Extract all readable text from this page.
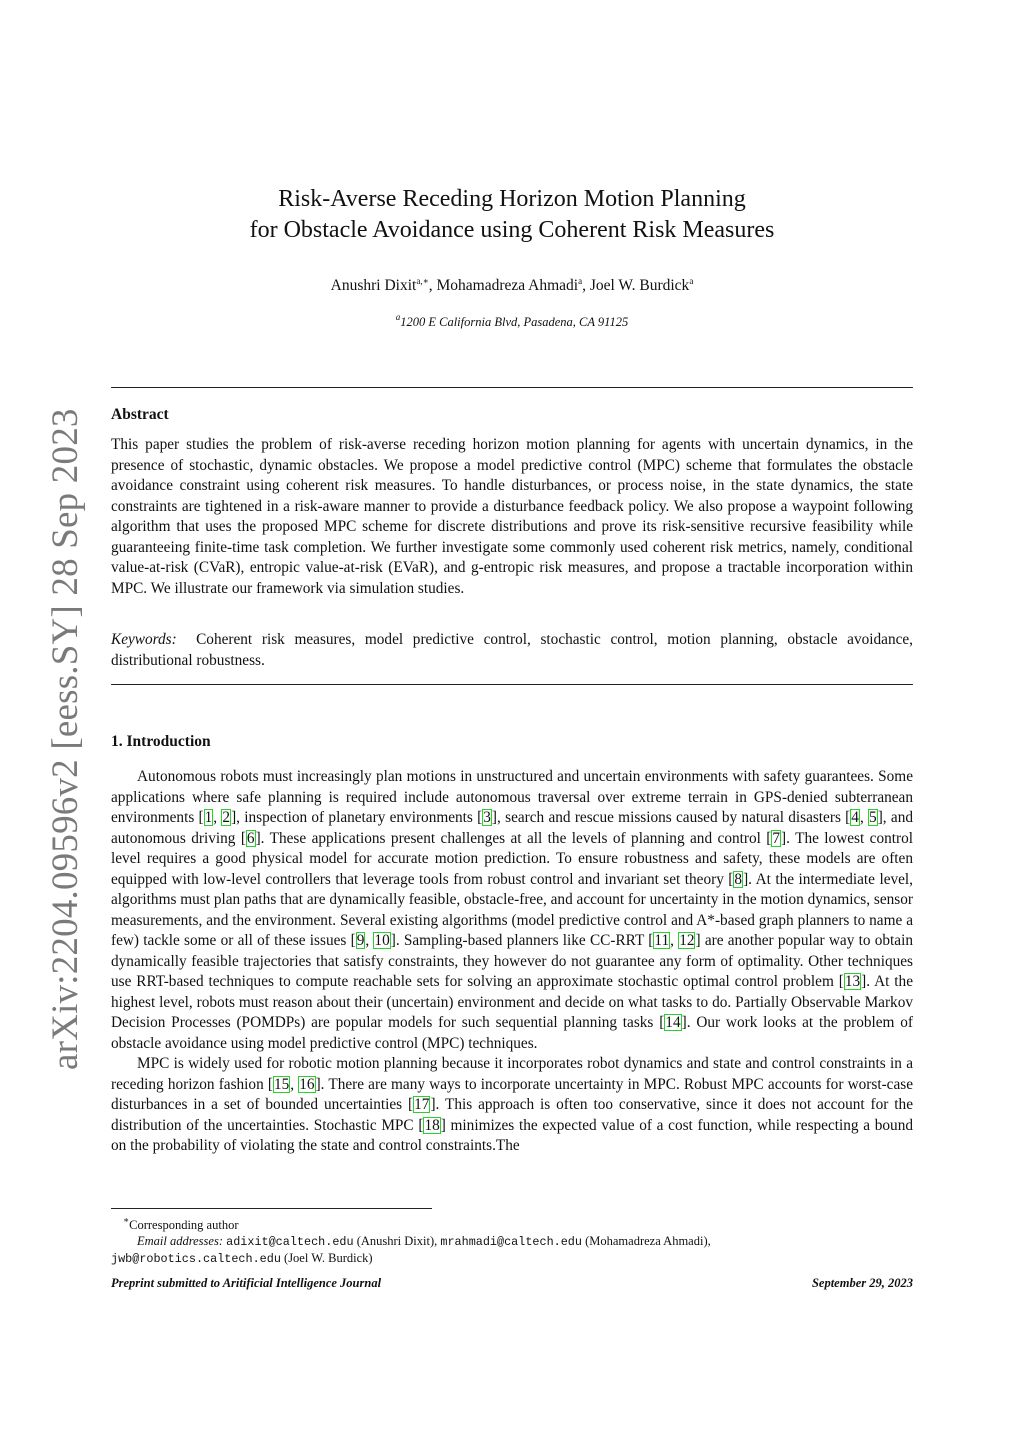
arXiv:2204.09596v2 [eess.SY] 28 Sep 2023
Risk-Averse Receding Horizon Motion Planning
for Obstacle Avoidance using Coherent Risk Measures
Anushri Dixit$^{a,∗}$, Mohamadreza Ahmadi$^a$, Joel W. Burdick$^a$
$^a$1200 E California Blvd, Pasadena, CA 91125
Abstract

This paper studies the problem of risk-averse receding horizon motion planning for agents with uncertain dynamics, in the presence of stochastic, dynamic obstacles. We propose a model predictive control (MPC) scheme that formulates the obstacle avoidance constraint using coherent risk measures. To handle disturbances, or process noise, in the state dynamics, the state constraints are tightened in a risk-aware manner to provide a disturbance feedback policy. We also propose a waypoint following algorithm that uses the proposed MPC scheme for discrete distributions and prove its risk-sensitive recursive feasibility while guaranteeing finite-time task completion. We further investigate some commonly used coherent risk metrics, namely, conditional value-at-risk (CVaR), entropic value-at-risk (EVaR), and g-entropic risk measures, and propose a tractable incorporation within MPC. We illustrate our framework via simulation studies.

Keywords: Coherent risk measures, model predictive control, stochastic control, motion planning, obstacle avoidance, distributional robustness.

1. Introduction

Autonomous robots must increasingly plan motions in unstructured and uncertain environments with safety guarantees. Some applications where safe planning is required include autonomous traversal over extreme terrain in GPS-denied subterranean environments [1, 2], inspection of planetary environments [3], search and rescue missions caused by natural disasters [4, 5], and autonomous driving [6]. These applications present challenges at all the levels of planning and control [7]. The lowest control level requires a good physical model for accurate motion prediction. To ensure robustness and safety, these models are often equipped with low-level controllers that leverage tools from robust control and invariant set theory [8]. At the intermediate level, algorithms must plan paths that are dynamically feasible, obstacle-free, and account for uncertainty in the motion dynamics, sensor measurements, and the environment. Several existing algorithms (model predictive control and A*-based graph planners to name a few) tackle some or all of these issues [9, 10]. Sampling-based planners like CC-RRT [11, 12] are another popular way to obtain dynamically feasible trajectories that satisfy constraints, they however do not guarantee any form of optimality. Other techniques use RRT-based techniques to compute reachable sets for solving an approximate stochastic optimal control problem [13]. At the highest level, robots must reason about their (uncertain) environment and decide on what tasks to do. Partially Observable Markov Decision Processes (POMDPs) are popular models for such sequential planning tasks [14]. Our work looks at the problem of obstacle avoidance using model predictive control (MPC) techniques.

MPC is widely used for robotic motion planning because it incorporates robot dynamics and state and control constraints in a receding horizon fashion [15, 16]. There are many ways to incorporate uncertainty in MPC. Robust MPC accounts for worst-case disturbances in a set of bounded uncertainties [17]. This approach is often too conservative, since it does not account for the distribution of the uncertainties. Stochastic MPC [18] minimizes the expected value of a cost function, while respecting a bound on the probability of violating the state and control constraints.The

∗Corresponding author
Email addresses: adixit@caltech.edu (Anushri Dixit), mrahmadi@caltech.edu (Mohamadreza Ahmadi),
jwb@robotics.caltech.edu (Joel W. Burdick)
Preprint submitted to Aritificial Intelligence Journal	September 29, 2023
